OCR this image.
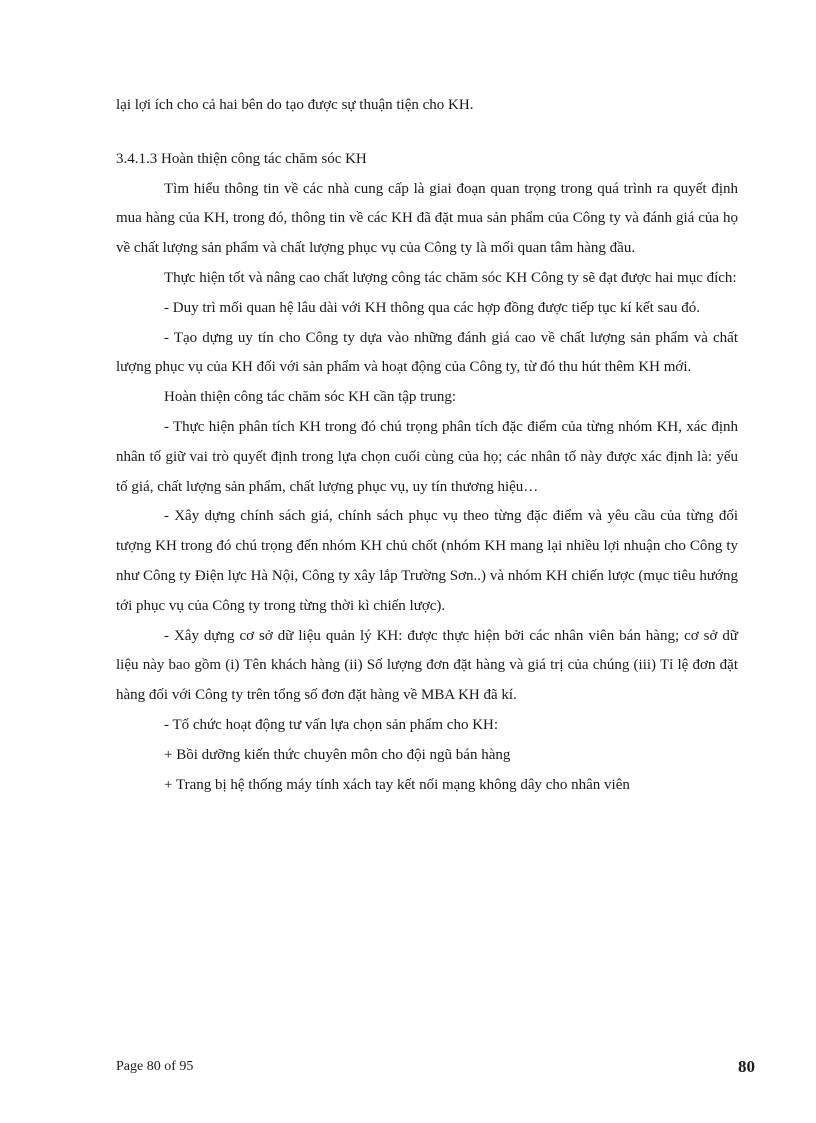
lại lợi ích cho cả hai bên do tạo được sự thuận tiện cho KH.

3.4.1.3 Hoàn thiện công tác chăm sóc KH

Tìm hiểu thông tin về các nhà cung cấp là giai đoạn quan trọng trong quá trình ra quyết định mua hàng của KH, trong đó, thông tin về các KH đã đặt mua sản phẩm của Công ty và đánh giá của họ về chất lượng sản phẩm và chất lượng phục vụ của Công ty là mối quan tâm hàng đầu.

Thực hiện tốt và nâng cao chất lượng công tác chăm sóc KH Công ty sẽ đạt được hai mục đích:

- Duy trì mối quan hệ lâu dài với KH thông qua các hợp đồng được tiếp tục kí kết sau đó.

- Tạo dựng uy tín cho Công ty dựa vào những đánh giá cao về chất lượng sản phẩm và chất lượng phục vụ của KH đối với sản phẩm và hoạt động của Công ty, từ đó thu hút thêm KH mới.

Hoàn thiện công tác chăm sóc KH cần tập trung:

- Thực hiện phân tích KH trong đó chú trọng phân tích đặc điểm của từng nhóm KH, xác định nhân tố giữ vai trò quyết định trong lựa chọn cuối cùng của họ; các nhân tố này được xác định là: yếu tố giá, chất lượng sản phẩm, chất lượng phục vụ, uy tín thương hiệu…

- Xây dựng chính sách giá, chính sách phục vụ theo từng đặc điểm và yêu cầu của từng đối tượng KH trong đó chú trọng đến nhóm KH chủ chốt (nhóm KH mang lại nhiều lợi nhuận cho Công ty như Công ty Điện lực Hà Nội, Công ty xây lắp Trường Sơn..) và nhóm KH chiến lược (mục tiêu hướng tới phục vụ của Công ty trong từng thời kì chiến lược).

- Xây dựng cơ sở dữ liệu quản lý KH: được thực hiện bởi các nhân viên bán hàng; cơ sở dữ liệu này bao gồm (i) Tên khách hàng (ii) Số lượng đơn đặt hàng và giá trị của chúng (iii) Tỉ lệ đơn đặt hàng đối với Công ty trên tổng số đơn đặt hàng về MBA KH đã kí.

- Tổ chức hoạt động tư vấn lựa chọn sản phẩm cho KH:

+ Bồi dưỡng kiến thức chuyên môn cho đội ngũ bán hàng

+ Trang bị hệ thống máy tính xách tay kết nối mạng không dây cho nhân viên

Page 80 of 95	80
